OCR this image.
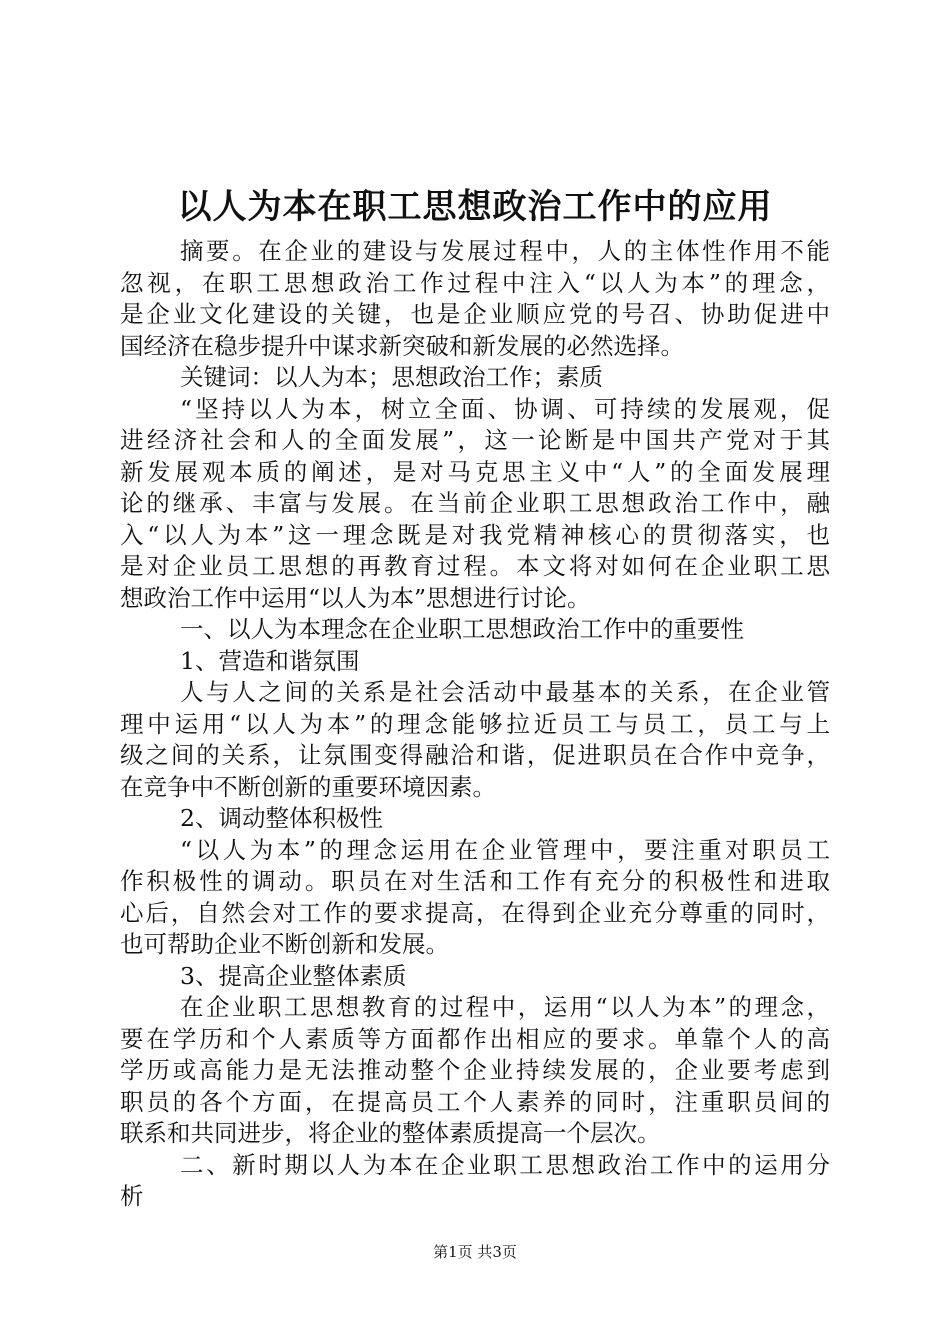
以人为本在职工思想政治工作中的应用
摘要。在企业的建设与发展过程中，人的主体性作用不能
忽视，在职工思想政治工作过程中注入“以人为本”的理念，
是企业文化建设的关键，也是企业顺应党的号召、协助促进中
国经济在稳步提升中谋求新突破和新发展的必然选择。
关键词：以人为本；思想政治工作；素质
“坚持以人为本，树立全面、协调、可持续的发展观，促
进经济社会和人的全面发展”，这一论断是中国共产党对于其
新发展观本质的阐述，是对马克思主义中“人”的全面发展理
论的继承、丰富与发展。在当前企业职工思想政治工作中，融
入“以人为本”这一理念既是对我党精神核心的贯彻落实，也
是对企业员工思想的再教育过程。本文将对如何在企业职工思
想政治工作中运用“以人为本”思想进行讨论。
一、以人为本理念在企业职工思想政治工作中的重要性
1、营造和谐氛围
人与人之间的关系是社会活动中最基本的关系，在企业管
理中运用“以人为本”的理念能够拉近员工与员工，员工与上
级之间的关系，让氛围变得融洽和谐，促进职员在合作中竞争，
在竞争中不断创新的重要环境因素。
2、调动整体积极性
“以人为本”的理念运用在企业管理中，要注重对职员工
作积极性的调动。职员在对生活和工作有充分的积极性和进取
心后，自然会对工作的要求提高，在得到企业充分尊重的同时，
也可帮助企业不断创新和发展。
3、提高企业整体素质
在企业职工思想教育的过程中，运用“以人为本”的理念，
要在学历和个人素质等方面都作出相应的要求。单靠个人的高
学历或高能力是无法推动整个企业持续发展的，企业要考虑到
职员的各个方面，在提高员工个人素养的同时，注重职员间的
联系和共同进步，将企业的整体素质提高一个层次。
二、新时期以人为本在企业职工思想政治工作中的运用分
析
第1页 共3页
